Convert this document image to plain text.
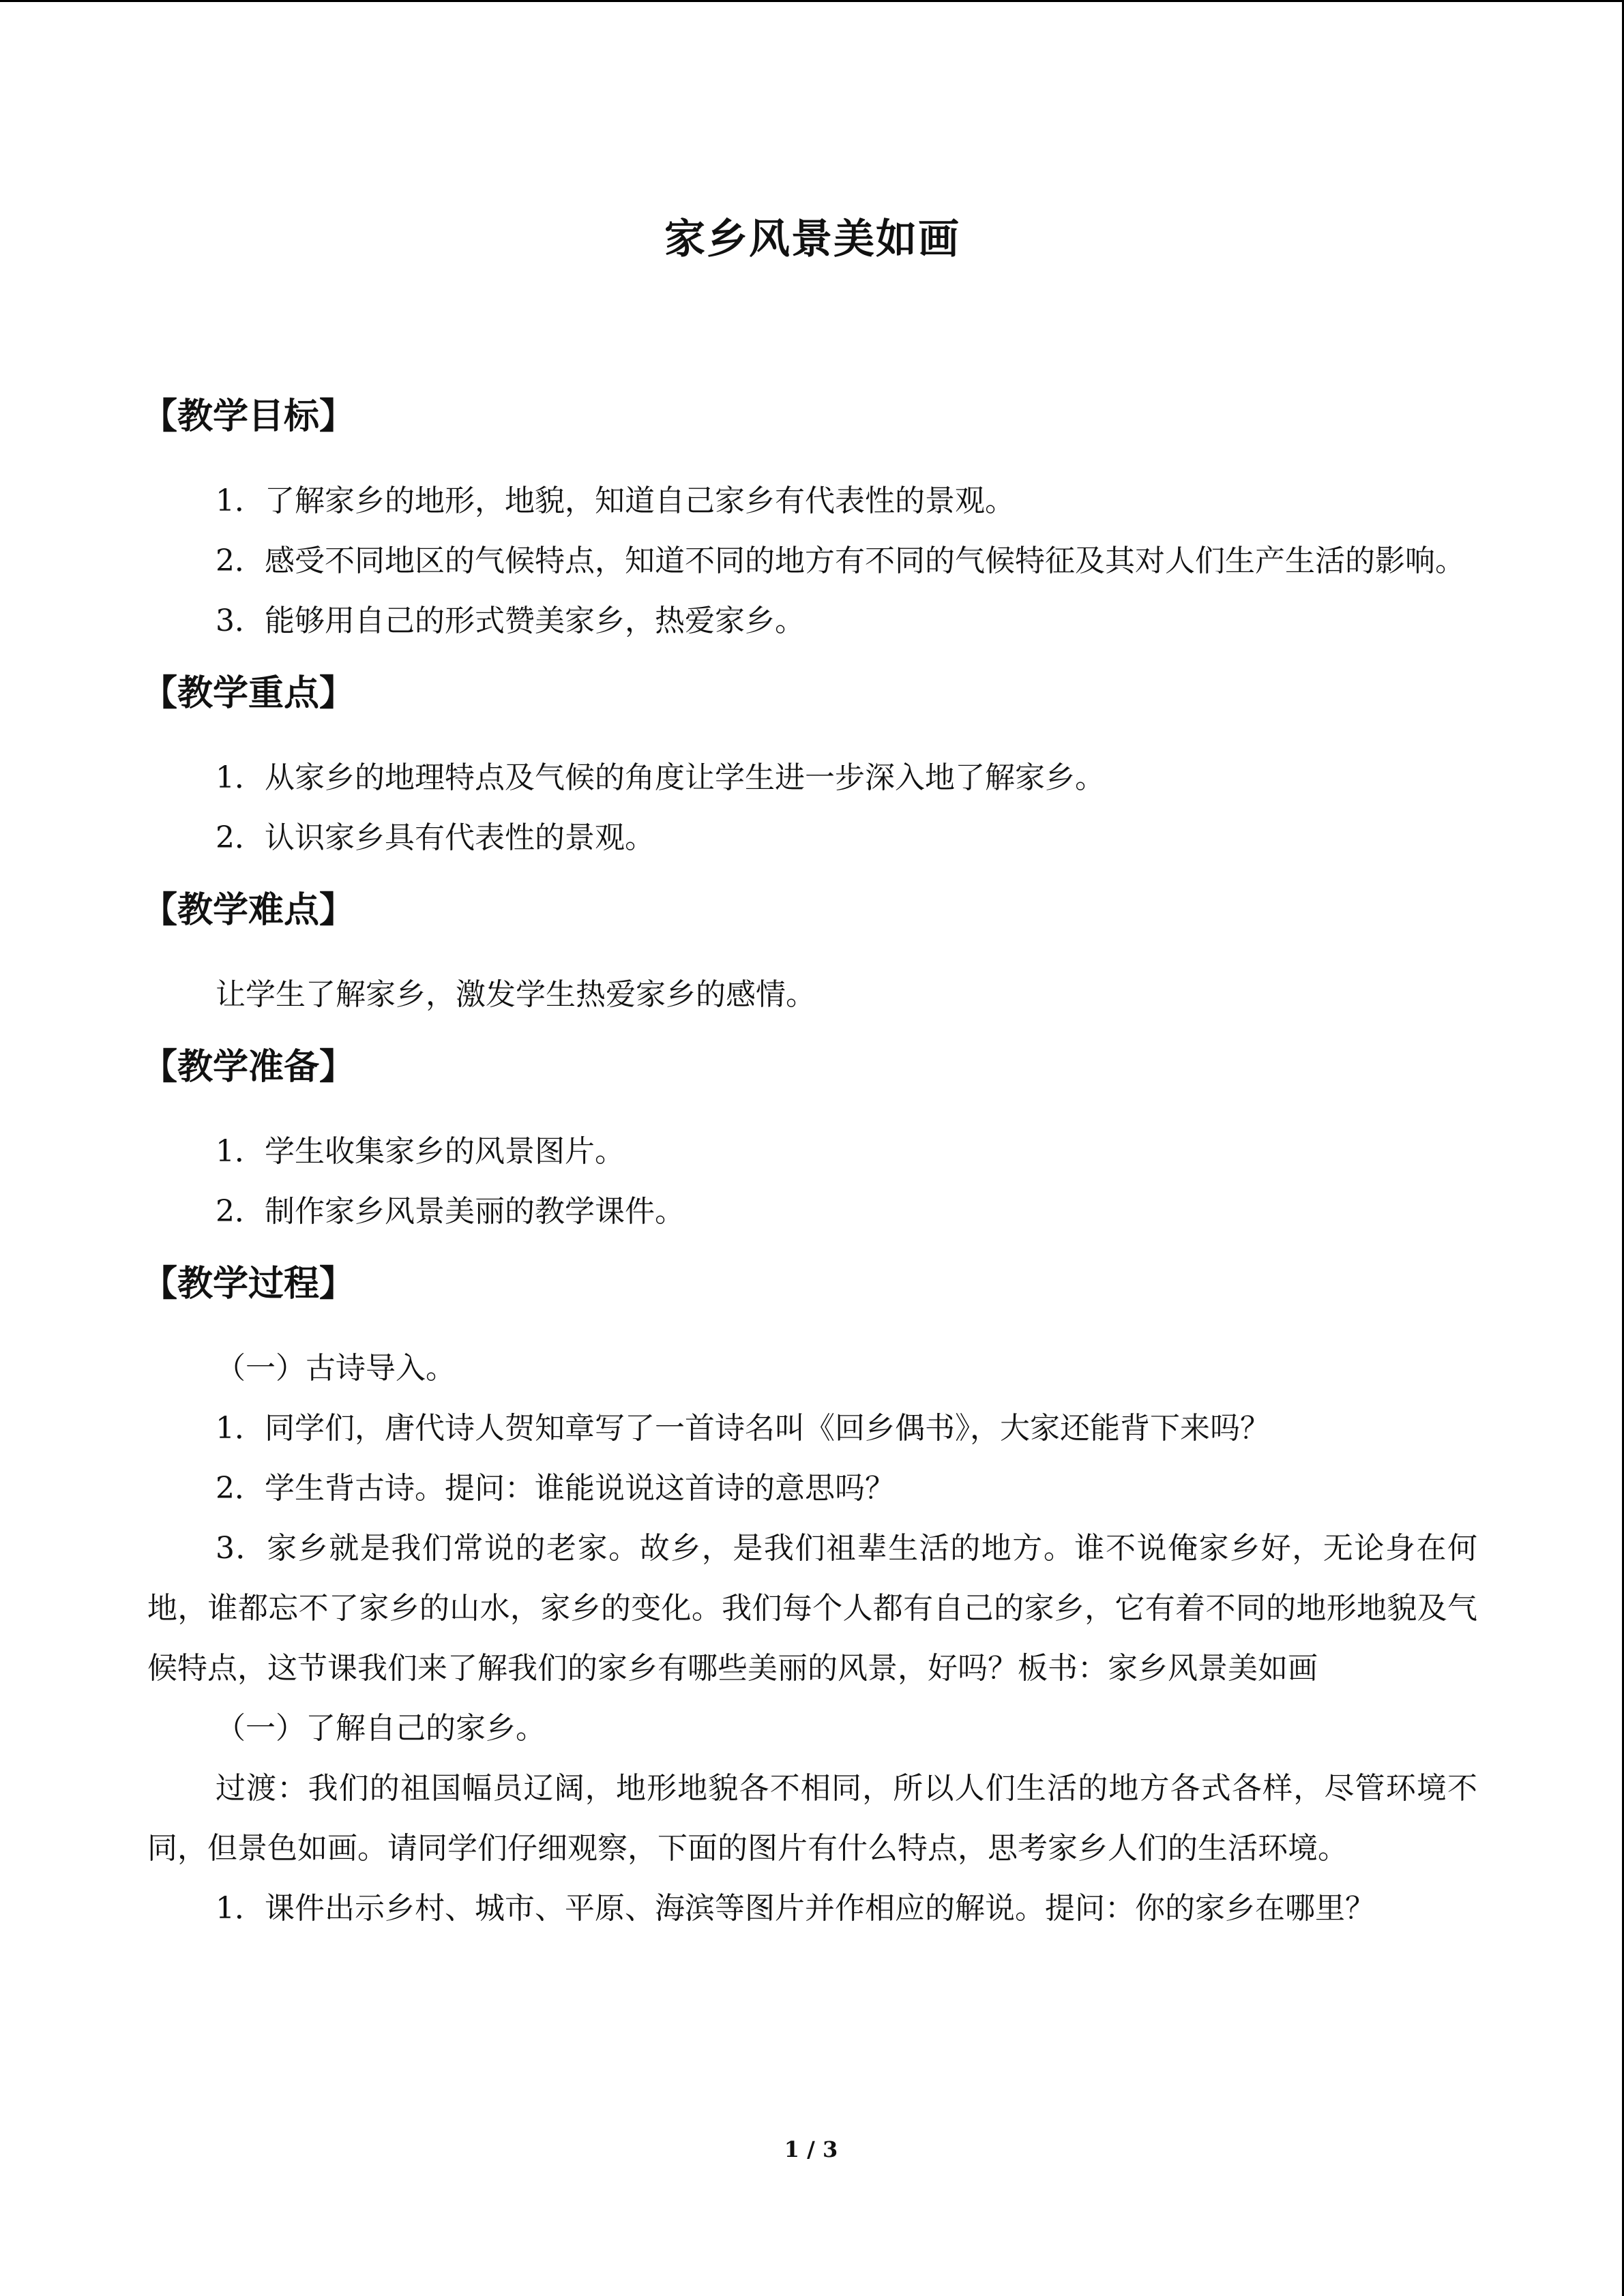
家乡风景美如画
【教学目标】

1．了解家乡的地形，地貌，知道自己家乡有代表性的景观。

2．感受不同地区的气候特点，知道不同的地方有不同的气候特征及其对人们生产生活的影响。

3．能够用自己的形式赞美家乡，热爱家乡。

【教学重点】

1．从家乡的地理特点及气候的角度让学生进一步深入地了解家乡。

2．认识家乡具有代表性的景观。

【教学难点】

让学生了解家乡，激发学生热爱家乡的感情。

【教学准备】

1．学生收集家乡的风景图片。

2．制作家乡风景美丽的教学课件。

【教学过程】

（一）古诗导入。

1．同学们，唐代诗人贺知章写了一首诗名叫《回乡偶书》，大家还能背下来吗？

2．学生背古诗。提问：谁能说说这首诗的意思吗？

3．家乡就是我们常说的老家。故乡，是我们祖辈生活的地方。谁不说俺家乡好，无论身在何地，谁都忘不了家乡的山水，家乡的变化。我们每个人都有自己的家乡，它有着不同的地形地貌及气候特点，这节课我们来了解我们的家乡有哪些美丽的风景，好吗？板书：家乡风景美如画

（一）了解自己的家乡。

过渡：我们的祖国幅员辽阔，地形地貌各不相同，所以人们生活的地方各式各样，尽管环境不同，但景色如画。请同学们仔细观察，下面的图片有什么特点，思考家乡人们的生活环境。

1．课件出示乡村、城市、平原、海滨等图片并作相应的解说。提问：你的家乡在哪里？

1 / 3
